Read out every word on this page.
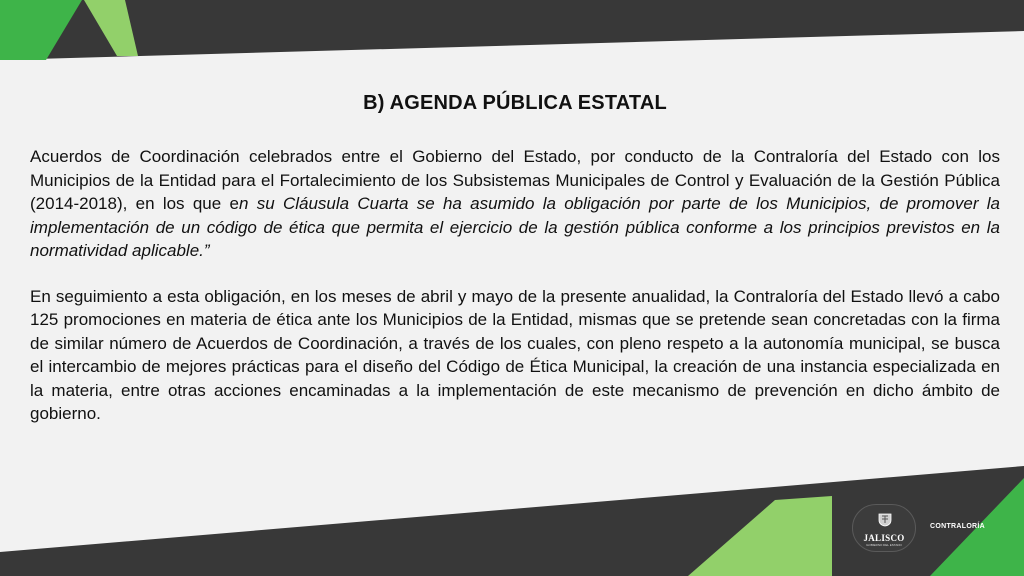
B) AGENDA PÚBLICA ESTATAL

Acuerdos de Coordinación celebrados entre el Gobierno del Estado, por conducto de la Contraloría del Estado con los Municipios de la Entidad para el Fortalecimiento de los Subsistemas Municipales de Control y Evaluación de la Gestión Pública (2014-2018), en los que en su Cláusula Cuarta se ha asumido la obligación por parte de los Municipios, de promover la implementación de un código de ética que permita el ejercicio de la gestión pública conforme a los principios previstos en la normatividad aplicable.”

En seguimiento a esta obligación, en los meses de abril y mayo de la presente anualidad, la Contraloría del Estado llevó a cabo 125 promociones en materia de ética ante los Municipios de la Entidad, mismas que se pretende sean concretadas con la firma de similar número de Acuerdos de Coordinación, a través de los cuales, con pleno respeto a la autonomía municipal, se busca el intercambio de mejores prácticas para el diseño del Código de Ética Municipal, la creación de una instancia especializada en la materia, entre otras acciones encaminadas a la implementación de este mecanismo de prevención en dicho ámbito de gobierno.

JALISCO
GOBIERNO DEL ESTADO
CONTRALORÍA
